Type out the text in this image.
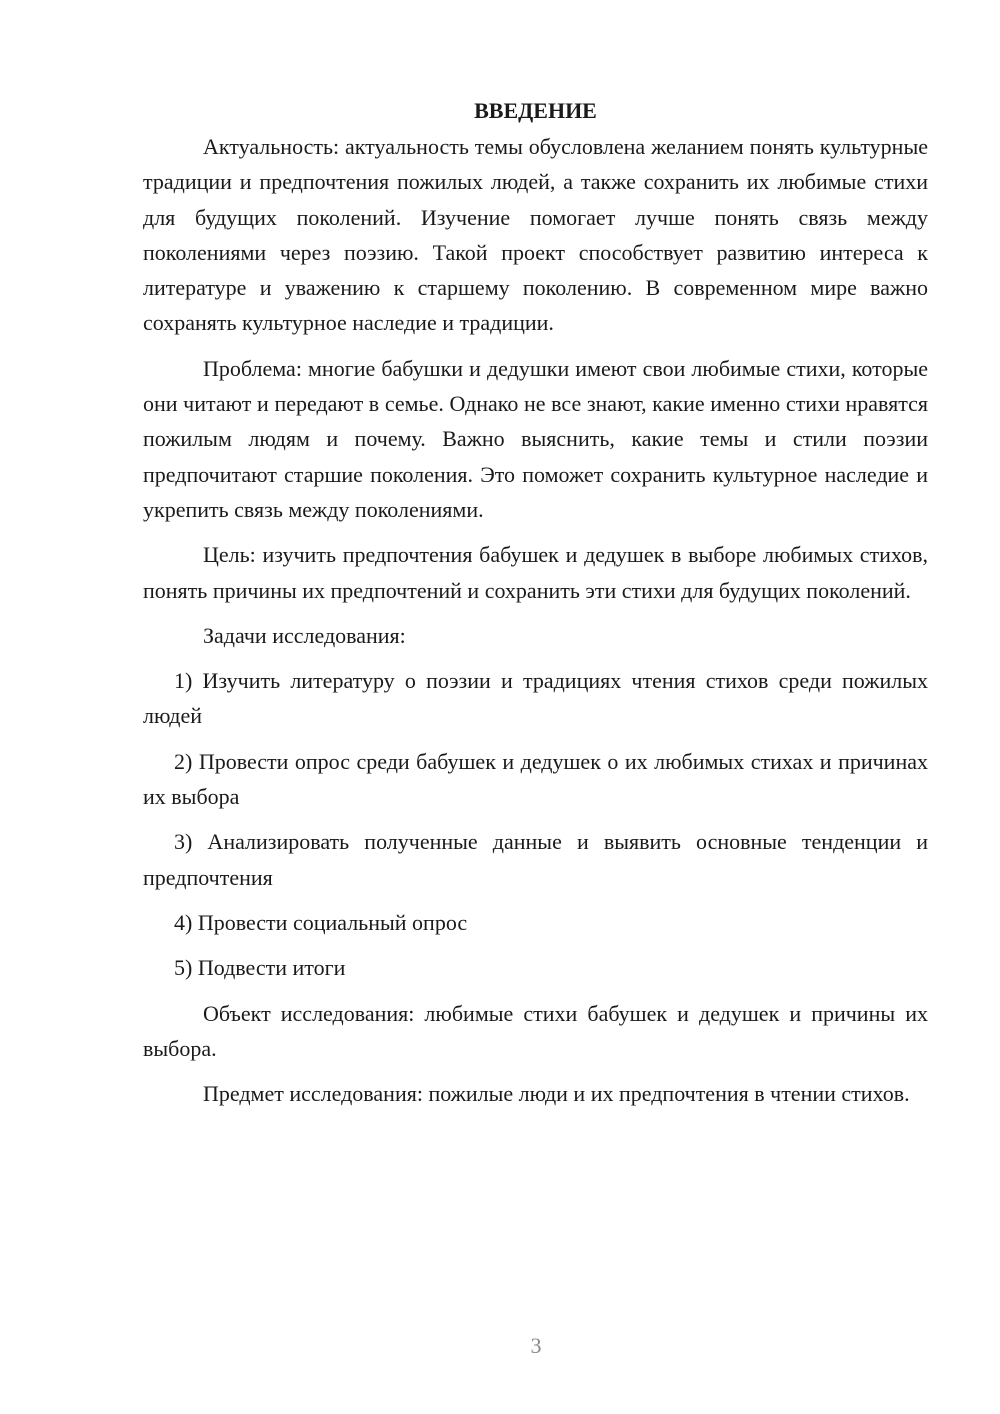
ВВЕДЕНИЕ

Актуальность: актуальность темы обусловлена желанием понять культурные традиции и предпочтения пожилых людей, а также сохранить их любимые стихи для будущих поколений. Изучение помогает лучше понять связь между поколениями через поэзию. Такой проект способствует развитию интереса к литературе и уважению к старшему поколению. В современном мире важно сохранять культурное наследие и традиции.

Проблема: многие бабушки и дедушки имеют свои любимые стихи, которые они читают и передают в семье. Однако не все знают, какие именно стихи нравятся пожилым людям и почему. Важно выяснить, какие темы и стили поэзии предпочитают старшие поколения. Это поможет сохранить культурное наследие и укрепить связь между поколениями.

Цель: изучить предпочтения бабушек и дедушек в выборе любимых стихов, понять причины их предпочтений и сохранить эти стихи для будущих поколений.

Задачи исследования:

1) Изучить литературу о поэзии и традициях чтения стихов среди пожилых людей

2) Провести опрос среди бабушек и дедушек о их любимых стихах и причинах их выбора

3) Анализировать полученные данные и выявить основные тенденции и предпочтения

4) Провести социальный опрос

5) Подвести итоги

Объект исследования: любимые стихи бабушек и дедушек и причины их выбора.

Предмет исследования: пожилые люди и их предпочтения в чтении стихов.

3
